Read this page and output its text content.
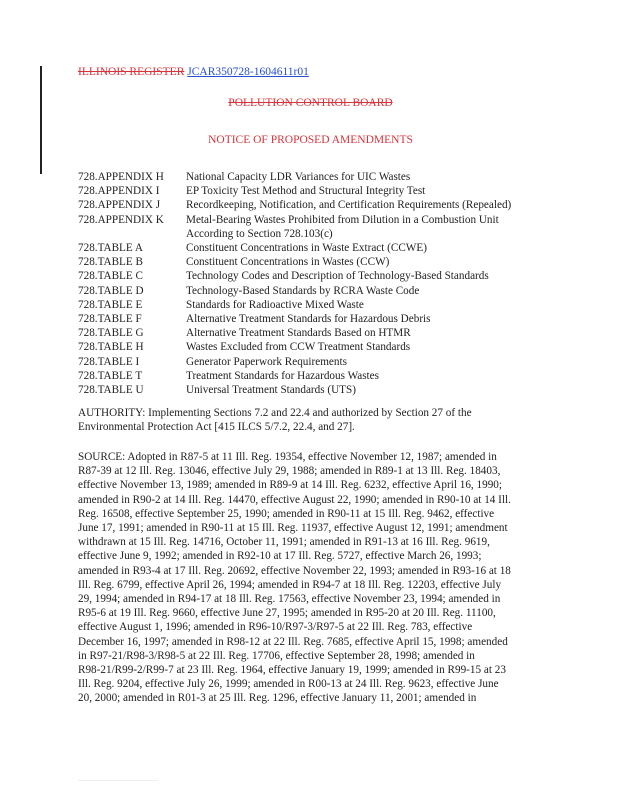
ILLINOIS REGISTER JCAR350728-1604611r01
POLLUTION CONTROL BOARD
NOTICE OF PROPOSED AMENDMENTS
728.APPENDIX H	National Capacity LDR Variances for UIC Wastes
728.APPENDIX I	EP Toxicity Test Method and Structural Integrity Test
728.APPENDIX J	Recordkeeping, Notification, and Certification Requirements (Repealed)
728.APPENDIX K	Metal-Bearing Wastes Prohibited from Dilution in a Combustion Unit According to Section 728.103(c)
728.TABLE A	Constituent Concentrations in Waste Extract (CCWE)
728.TABLE B	Constituent Concentrations in Wastes (CCW)
728.TABLE C	Technology Codes and Description of Technology-Based Standards
728.TABLE D	Technology-Based Standards by RCRA Waste Code
728.TABLE E	Standards for Radioactive Mixed Waste
728.TABLE F	Alternative Treatment Standards for Hazardous Debris
728.TABLE G	Alternative Treatment Standards Based on HTMR
728.TABLE H	Wastes Excluded from CCW Treatment Standards
728.TABLE I	Generator Paperwork Requirements
728.TABLE T	Treatment Standards for Hazardous Wastes
728.TABLE U	Universal Treatment Standards (UTS)
AUTHORITY: Implementing Sections 7.2 and 22.4 and authorized by Section 27 of the
Environmental Protection Act [415 ILCS 5/7.2, 22.4, and 27].
SOURCE: Adopted in R87-5 at 11 Ill. Reg. 19354, effective November 12, 1987; amended in
R87-39 at 12 Ill. Reg. 13046, effective July 29, 1988; amended in R89-1 at 13 Ill. Reg. 18403,
effective November 13, 1989; amended in R89-9 at 14 Ill. Reg. 6232, effective April 16, 1990;
amended in R90-2 at 14 Ill. Reg. 14470, effective August 22, 1990; amended in R90-10 at 14 Ill.
Reg. 16508, effective September 25, 1990; amended in R90-11 at 15 Ill. Reg. 9462, effective
June 17, 1991; amended in R90-11 at 15 Ill. Reg. 11937, effective August 12, 1991; amendment
withdrawn at 15 Ill. Reg. 14716, October 11, 1991; amended in R91-13 at 16 Ill. Reg. 9619,
effective June 9, 1992; amended in R92-10 at 17 Ill. Reg. 5727, effective March 26, 1993;
amended in R93-4 at 17 Ill. Reg. 20692, effective November 22, 1993; amended in R93-16 at 18
Ill. Reg. 6799, effective April 26, 1994; amended in R94-7 at 18 Ill. Reg. 12203, effective July
29, 1994; amended in R94-17 at 18 Ill. Reg. 17563, effective November 23, 1994; amended in
R95-6 at 19 Ill. Reg. 9660, effective June 27, 1995; amended in R95-20 at 20 Ill. Reg. 11100,
effective August 1, 1996; amended in R96-10/R97-3/R97-5 at 22 Ill. Reg. 783, effective
December 16, 1997; amended in R98-12 at 22 Ill. Reg. 7685, effective April 15, 1998; amended
in R97-21/R98-3/R98-5 at 22 Ill. Reg. 17706, effective September 28, 1998; amended in
R98-21/R99-2/R99-7 at 23 Ill. Reg. 1964, effective January 19, 1999; amended in R99-15 at 23
Ill. Reg. 9204, effective July 26, 1999; amended in R00-13 at 24 Ill. Reg. 9623, effective June
20, 2000; amended in R01-3 at 25 Ill. Reg. 1296, effective January 11, 2001; amended in
